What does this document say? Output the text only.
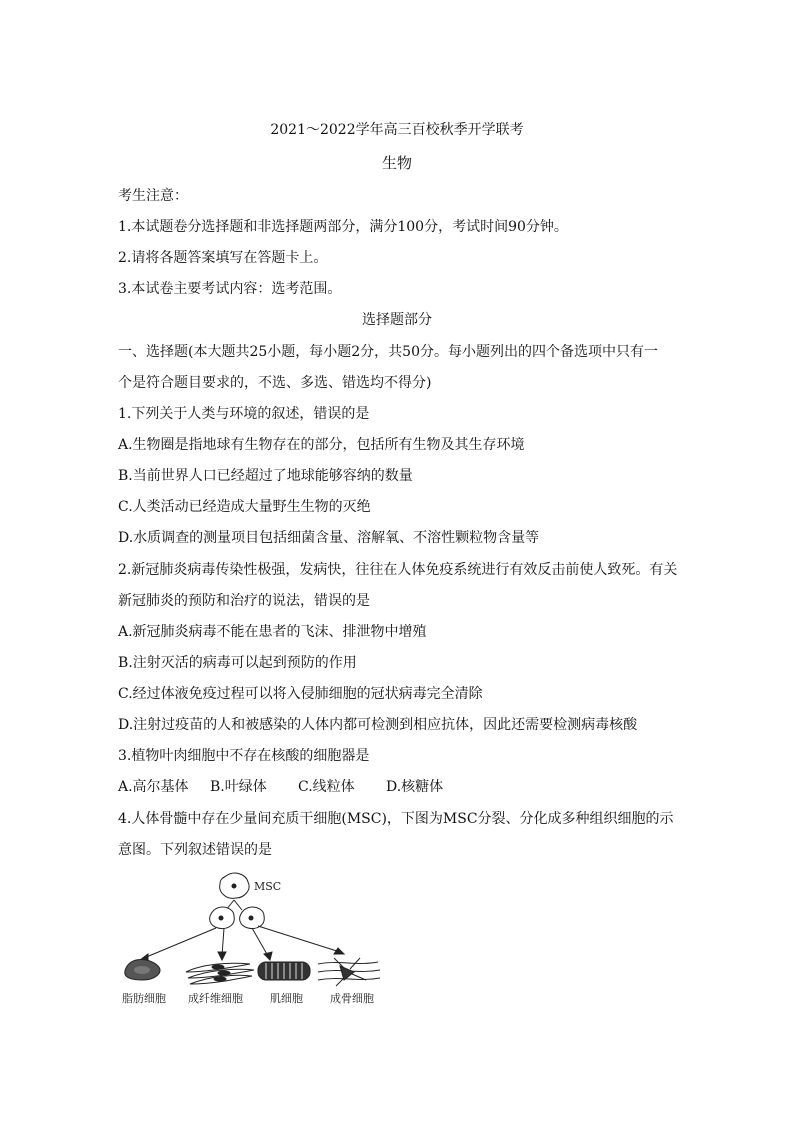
2021～2022学年高三百校秋季开学联考
生物
考生注意：
1.本试题卷分选择题和非选择题两部分，满分100分，考试时间90分钟。
2.请将各题答案填写在答题卡上。
3.本试卷主要考试内容：选考范围。
选择题部分
一、选择题(本大题共25小题，每小题2分，共50分。每小题列出的四个备选项中只有一
个是符合题目要求的，不选、多选、错选均不得分)
1.下列关于人类与环境的叙述，错误的是
A.生物圈是指地球有生物存在的部分，包括所有生物及其生存环境
B.当前世界人口已经超过了地球能够容纳的数量
C.人类活动已经造成大量野生生物的灭绝
D.水质调查的测量项目包括细菌含量、溶解氧、不溶性颗粒物含量等
2.新冠肺炎病毒传染性极强，发病快，往往在人体免疫系统进行有效反击前使人致死。有关
新冠肺炎的预防和治疗的说法，错误的是
A.新冠肺炎病毒不能在患者的飞沫、排泄物中增殖
B.注射灭活的病毒可以起到预防的作用
C.经过体液免疫过程可以将入侵肺细胞的冠状病毒完全清除
D.注射过疫苗的人和被感染的人体内都可检测到相应抗体，因此还需要检测病毒核酸
3.植物叶肉细胞中不存在核酸的细胞器是
A.高尔基体	B.叶绿体	C.线粒体	D.核糖体
4.人体骨髓中存在少量间充质干细胞(MSC)，下图为MSC分裂、分化成多种组织细胞的示
意图。下列叙述错误的是
MSC
脂肪细胞 成纤维细胞 肌细胞 成骨细胞
